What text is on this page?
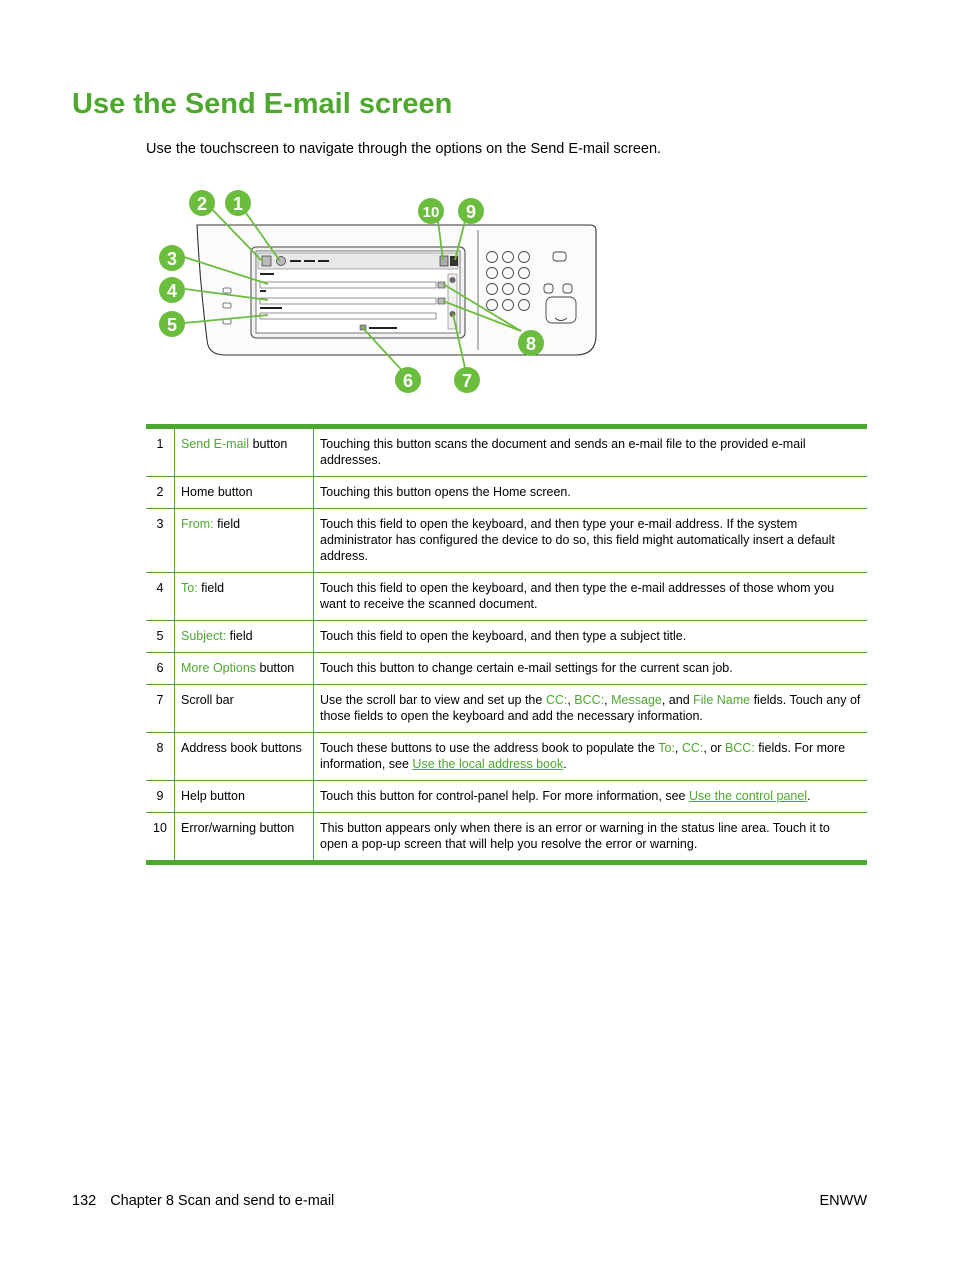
Use the Send E-mail screen

Use the touchscreen to navigate through the options on the Send E-mail screen.

2 1
3
4
5
6	7
8
9
10
1	Send E-mail button	Touching this button scans the document and sends an e-mail file to the provided e-mail addresses.
2	Home button	Touching this button opens the Home screen.
3	From: field	Touch this field to open the keyboard, and then type your e-mail address. If the system administrator has configured the device to do so, this field might automatically insert a default address.
4	To: field	Touch this field to open the keyboard, and then type the e-mail addresses of those whom you want to receive the scanned document.
5	Subject: field	Touch this field to open the keyboard, and then type a subject title.
6	More Options button	Touch this button to change certain e-mail settings for the current scan job.
7	Scroll bar	Use the scroll bar to view and set up the CC:, BCC:, Message, and File Name fields. Touch any of those fields to open the keyboard and add the necessary information.
8	Address book buttons	Touch these buttons to use the address book to populate the To:, CC:, or BCC: fields. For more information, see Use the local address book.
9	Help button	Touch this button for control-panel help. For more information, see Use the control panel.
10	Error/warning button	This button appears only when there is an error or warning in the status line area. Touch it to open a pop-up screen that will help you resolve the error or warning.
132 Chapter 8 Scan and send to e-mail	ENWW
